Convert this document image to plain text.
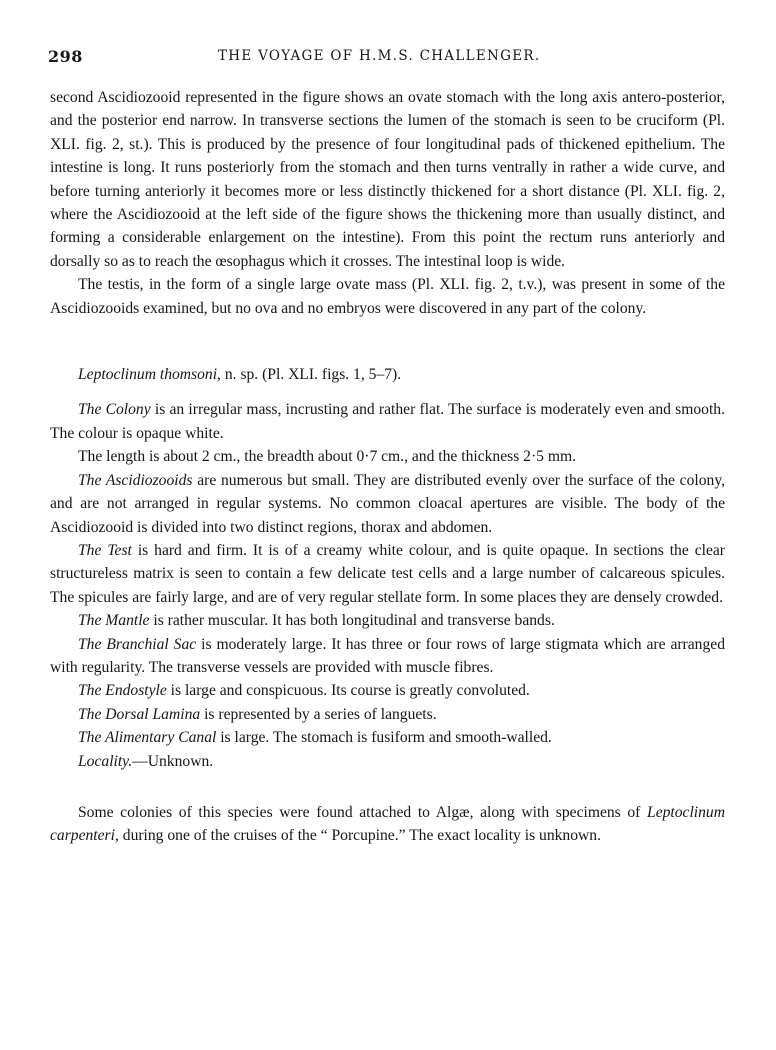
298	THE VOYAGE OF H.M.S. CHALLENGER.

second Ascidiozooid represented in the figure shows an ovate stomach with the long axis antero-posterior, and the posterior end narrow. In transverse sections the lumen of the stomach is seen to be cruciform (Pl. XLI. fig. 2, st.). This is produced by the presence of four longitudinal pads of thickened epithelium. The intestine is long. It runs posteriorly from the stomach and then turns ventrally in rather a wide curve, and before turning anteriorly it becomes more or less distinctly thickened for a short distance (Pl. XLI. fig. 2, where the Ascidiozooid at the left side of the figure shows the thickening more than usually distinct, and forming a considerable enlargement on the intestine). From this point the rectum runs anteriorly and dorsally so as to reach the œsophagus which it crosses. The intestinal loop is wide.

The testis, in the form of a single large ovate mass (Pl. XLI. fig. 2, t.v.), was present in some of the Ascidiozooids examined, but no ova and no embryos were discovered in any part of the colony.

Leptoclinum thomsoni, n. sp. (Pl. XLI. figs. 1, 5–7).

The Colony is an irregular mass, incrusting and rather flat. The surface is moderately even and smooth. The colour is opaque white.

The length is about 2 cm., the breadth about 0·7 cm., and the thickness 2·5 mm.

The Ascidiozooids are numerous but small. They are distributed evenly over the surface of the colony, and are not arranged in regular systems. No common cloacal apertures are visible. The body of the Ascidiozooid is divided into two distinct regions, thorax and abdomen.

The Test is hard and firm. It is of a creamy white colour, and is quite opaque. In sections the clear structureless matrix is seen to contain a few delicate test cells and a large number of calcareous spicules. The spicules are fairly large, and are of very regular stellate form. In some places they are densely crowded.

The Mantle is rather muscular. It has both longitudinal and transverse bands.

The Branchial Sac is moderately large. It has three or four rows of large stigmata which are arranged with regularity. The transverse vessels are provided with muscle fibres.

The Endostyle is large and conspicuous. Its course is greatly convoluted.

The Dorsal Lamina is represented by a series of languets.

The Alimentary Canal is large. The stomach is fusiform and smooth-walled.

Locality.—Unknown.

Some colonies of this species were found attached to Algæ, along with specimens of Leptoclinum carpenteri, during one of the cruises of the “ Porcupine.” The exact locality is unknown.
